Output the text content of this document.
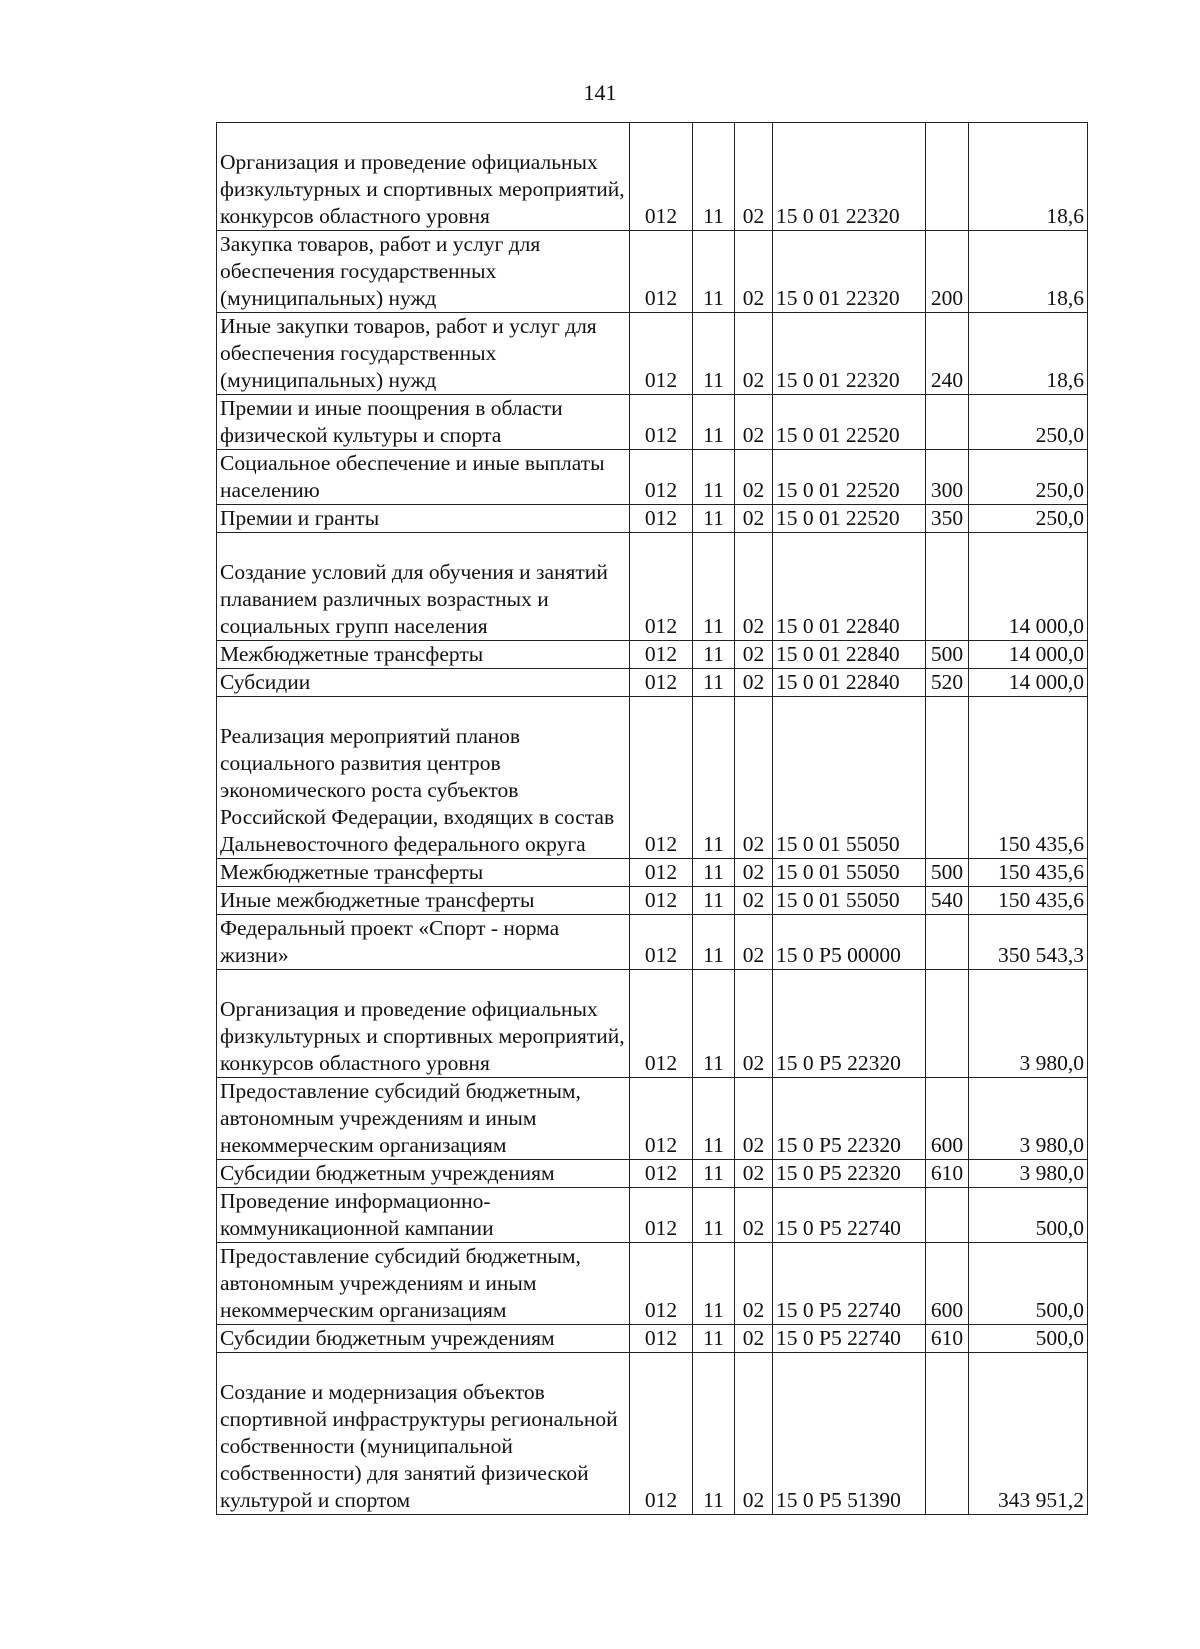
141
Организация и проведение официальных физкультурных и спортивных мероприятий, конкурсов областного уровня	012	11	02	15 0 01 22320		18,6
Закупка товаров, работ и услуг для обеспечения государственных (муниципальных) нужд	012	11	02	15 0 01 22320	200	18,6
Иные закупки товаров, работ и услуг для обеспечения государственных (муниципальных) нужд	012	11	02	15 0 01 22320	240	18,6
Премии и иные поощрения в области физической культуры и спорта	012	11	02	15 0 01 22520		250,0
Социальное обеспечение и иные выплаты населению	012	11	02	15 0 01 22520	300	250,0
Премии и гранты	012	11	02	15 0 01 22520	350	250,0
Создание условий для обучения и занятий плаванием различных возрастных и социальных групп населения	012	11	02	15 0 01 22840		14 000,0
Межбюджетные трансферты	012	11	02	15 0 01 22840	500	14 000,0
Субсидии	012	11	02	15 0 01 22840	520	14 000,0
Реализация мероприятий планов социального развития центров экономического роста субъектов Российской Федерации, входящих в состав Дальневосточного федерального округа	012	11	02	15 0 01 55050		150 435,6
Межбюджетные трансферты	012	11	02	15 0 01 55050	500	150 435,6
Иные межбюджетные трансферты	012	11	02	15 0 01 55050	540	150 435,6
Федеральный проект «Спорт - норма жизни»	012	11	02	15 0 Р5 00000		350 543,3
Организация и проведение официальных физкультурных и спортивных мероприятий, конкурсов областного уровня	012	11	02	15 0 Р5 22320		3 980,0
Предоставление субсидий бюджетным, автономным учреждениям и иным некоммерческим организациям	012	11	02	15 0 Р5 22320	600	3 980,0
Субсидии бюджетным учреждениям	012	11	02	15 0 Р5 22320	610	3 980,0
Проведение информационно-коммуникационной кампании	012	11	02	15 0 Р5 22740		500,0
Предоставление субсидий бюджетным, автономным учреждениям и иным некоммерческим организациям	012	11	02	15 0 Р5 22740	600	500,0
Субсидии бюджетным учреждениям	012	11	02	15 0 Р5 22740	610	500,0
Создание и модернизация объектов спортивной инфраструктуры региональной собственности (муниципальной собственности) для занятий физической культурой и спортом	012	11	02	15 0 Р5 51390		343 951,2
